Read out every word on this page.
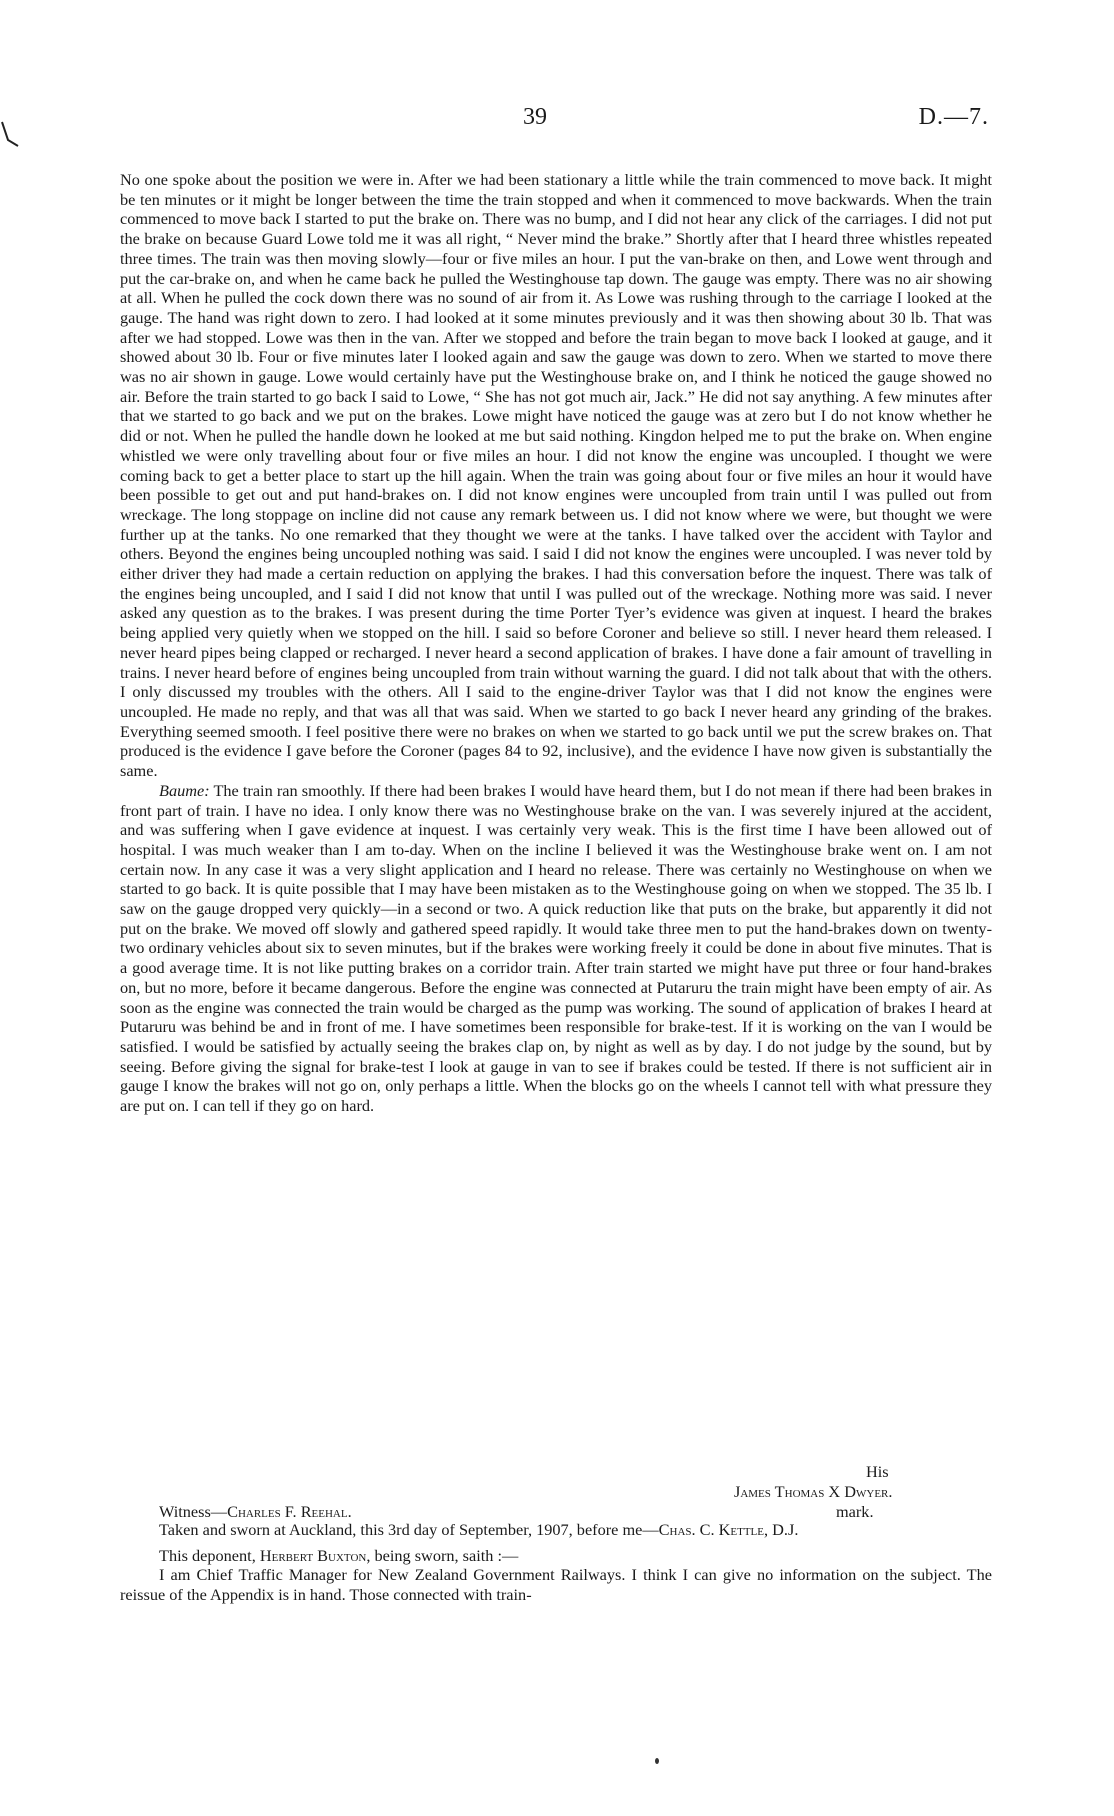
39	D.—7.

No one spoke about the position we were in. After we had been stationary a little while the train commenced to move back. It might be ten minutes or it might be longer between the time the train stopped and when it commenced to move backwards. When the train commenced to move back I started to put the brake on. There was no bump, and I did not hear any click of the carriages. I did not put the brake on because Guard Lowe told me it was all right, “ Never mind the brake.” Shortly after that I heard three whistles repeated three times. The train was then moving slowly—four or five miles an hour. I put the van-brake on then, and Lowe went through and put the car-brake on, and when he came back he pulled the Westinghouse tap down. The gauge was empty. There was no air showing at all. When he pulled the cock down there was no sound of air from it. As Lowe was rushing through to the carriage I looked at the gauge. The hand was right down to zero. I had looked at it some minutes previously and it was then showing about 30 lb. That was after we had stopped. Lowe was then in the van. After we stopped and before the train began to move back I looked at gauge, and it showed about 30 lb. Four or five minutes later I looked again and saw the gauge was down to zero. When we started to move there was no air shown in gauge. Lowe would certainly have put the Westinghouse brake on, and I think he noticed the gauge showed no air. Before the train started to go back I said to Lowe, “ She has not got much air, Jack.” He did not say anything. A few minutes after that we started to go back and we put on the brakes. Lowe might have noticed the gauge was at zero but I do not know whether he did or not. When he pulled the handle down he looked at me but said nothing. Kingdon helped me to put the brake on. When engine whistled we were only travelling about four or five miles an hour. I did not know the engine was uncoupled. I thought we were coming back to get a better place to start up the hill again. When the train was going about four or five miles an hour it would have been possible to get out and put hand-brakes on. I did not know engines were uncoupled from train until I was pulled out from wreckage. The long stoppage on incline did not cause any remark between us. I did not know where we were, but thought we were further up at the tanks. No one remarked that they thought we were at the tanks. I have talked over the accident with Taylor and others. Beyond the engines being uncoupled nothing was said. I said I did not know the engines were uncoupled. I was never told by either driver they had made a certain reduction on applying the brakes. I had this conversation before the inquest. There was talk of the engines being uncoupled, and I said I did not know that until I was pulled out of the wreckage. Nothing more was said. I never asked any question as to the brakes. I was present during the time Porter Tyer’s evidence was given at inquest. I heard the brakes being applied very quietly when we stopped on the hill. I said so before Coroner and believe so still. I never heard them released. I never heard pipes being clapped or recharged. I never heard a second application of brakes. I have done a fair amount of travelling in trains. I never heard before of engines being uncoupled from train without warning the guard. I did not talk about that with the others. I only discussed my troubles with the others. All I said to the engine-driver Taylor was that I did not know the engines were uncoupled. He made no reply, and that was all that was said. When we started to go back I never heard any grinding of the brakes. Everything seemed smooth. I feel positive there were no brakes on when we started to go back until we put the screw brakes on. That produced is the evidence I gave before the Coroner (pages 84 to 92, inclusive), and the evidence I have now given is substantially the same.

Baume: The train ran smoothly. If there had been brakes I would have heard them, but I do not mean if there had been brakes in front part of train. I have no idea. I only know there was no Westinghouse brake on the van. I was severely injured at the accident, and was suffering when I gave evidence at inquest. I was certainly very weak. This is the first time I have been allowed out of hospital. I was much weaker than I am to-day. When on the incline I believed it was the Westinghouse brake went on. I am not certain now. In any case it was a very slight application and I heard no release. There was certainly no Westinghouse on when we started to go back. It is quite possible that I may have been mistaken as to the Westinghouse going on when we stopped. The 35 lb. I saw on the gauge dropped very quickly—in a second or two. A quick reduction like that puts on the brake, but apparently it did not put on the brake. We moved off slowly and gathered speed rapidly. It would take three men to put the hand-brakes down on twenty-two ordinary vehicles about six to seven minutes, but if the brakes were working freely it could be done in about five minutes. That is a good average time. It is not like putting brakes on a corridor train. After train started we might have put three or four hand-brakes on, but no more, before it became dangerous. Before the engine was connected at Putaruru the train might have been empty of air. As soon as the engine was connected the train would be charged as the pump was working. The sound of application of brakes I heard at Putaruru was behind be and in front of me. I have sometimes been responsible for brake-test. If it is working on the van I would be satisfied. I would be satisfied by actually seeing the brakes clap on, by night as well as by day. I do not judge by the sound, but by seeing. Before giving the signal for brake-test I look at gauge in van to see if brakes could be tested. If there is not sufficient air in gauge I know the brakes will not go on, only perhaps a little. When the blocks go on the wheels I cannot tell with what pressure they are put on. I can tell if they go on hard.

His
James Thomas X Dwyer.
Witness—Charles F. Reehal.	mark.

Taken and sworn at Auckland, this 3rd day of September, 1907, before me—Chas. C. Kettle, D.J.

This deponent, Herbert Buxton, being sworn, saith :—

I am Chief Traffic Manager for New Zealand Government Railways. I think I can give no information on the subject. The reissue of the Appendix is in hand. Those connected with train-
